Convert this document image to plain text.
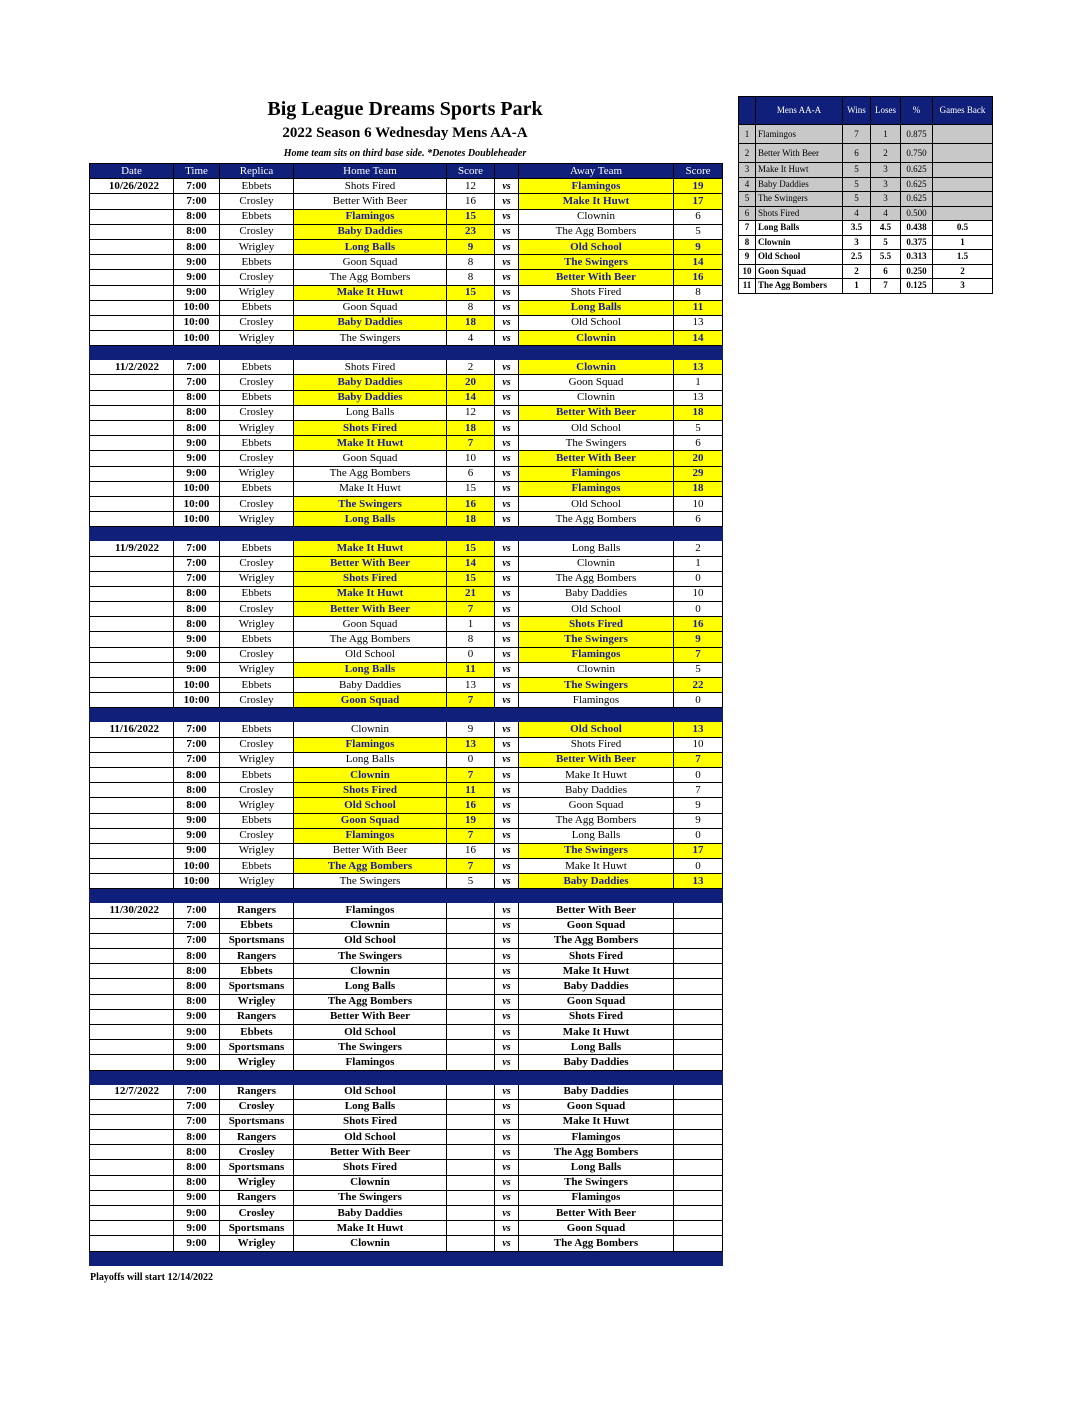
Big League Dreams Sports Park
2022 Season 6 Wednesday Mens AA-A
Home team sits on third base side. *Denotes Doubleheader
Date	Time	Replica	Home Team	Score		Away Team	Score
10/26/2022	7:00	Ebbets	Shots Fired	12	vs	Flamingos	19
	7:00	Crosley	Better With Beer	16	vs	Make It Huwt	17
	8:00	Ebbets	Flamingos	15	vs	Clownin	6
	8:00	Crosley	Baby Daddies	23	vs	The Agg Bombers	5
	8:00	Wrigley	Long Balls	9	vs	Old School	9
	9:00	Ebbets	Goon Squad	8	vs	The Swingers	14
	9:00	Crosley	The Agg Bombers	8	vs	Better With Beer	16
	9:00	Wrigley	Make It Huwt	15	vs	Shots Fired	8
	10:00	Ebbets	Goon Squad	8	vs	Long Balls	11
	10:00	Crosley	Baby Daddies	18	vs	Old School	13
	10:00	Wrigley	The Swingers	4	vs	Clownin	14

11/2/2022	7:00	Ebbets	Shots Fired	2	vs	Clownin	13
	7:00	Crosley	Baby Daddies	20	vs	Goon Squad	1
	8:00	Ebbets	Baby Daddies	14	vs	Clownin	13
	8:00	Crosley	Long Balls	12	vs	Better With Beer	18
	8:00	Wrigley	Shots Fired	18	vs	Old School	5
	9:00	Ebbets	Make It Huwt	7	vs	The Swingers	6
	9:00	Crosley	Goon Squad	10	vs	Better With Beer	20
	9:00	Wrigley	The Agg Bombers	6	vs	Flamingos	29
	10:00	Ebbets	Make It Huwt	15	vs	Flamingos	18
	10:00	Crosley	The Swingers	16	vs	Old School	10
	10:00	Wrigley	Long Balls	18	vs	The Agg Bombers	6

11/9/2022	7:00	Ebbets	Make It Huwt	15	vs	Long Balls	2
	7:00	Crosley	Better With Beer	14	vs	Clownin	1
	7:00	Wrigley	Shots Fired	15	vs	The Agg Bombers	0
	8:00	Ebbets	Make It Huwt	21	vs	Baby Daddies	10
	8:00	Crosley	Better With Beer	7	vs	Old School	0
	8:00	Wrigley	Goon Squad	1	vs	Shots Fired	16
	9:00	Ebbets	The Agg Bombers	8	vs	The Swingers	9
	9:00	Crosley	Old School	0	vs	Flamingos	7
	9:00	Wrigley	Long Balls	11	vs	Clownin	5
	10:00	Ebbets	Baby Daddies	13	vs	The Swingers	22
	10:00	Crosley	Goon Squad	7	vs	Flamingos	0

11/16/2022	7:00	Ebbets	Clownin	9	vs	Old School	13
	7:00	Crosley	Flamingos	13	vs	Shots Fired	10
	7:00	Wrigley	Long Balls	0	vs	Better With Beer	7
	8:00	Ebbets	Clownin	7	vs	Make It Huwt	0
	8:00	Crosley	Shots Fired	11	vs	Baby Daddies	7
	8:00	Wrigley	Old School	16	vs	Goon Squad	9
	9:00	Ebbets	Goon Squad	19	vs	The Agg Bombers	9
	9:00	Crosley	Flamingos	7	vs	Long Balls	0
	9:00	Wrigley	Better With Beer	16	vs	The Swingers	17
	10:00	Ebbets	The Agg Bombers	7	vs	Make It Huwt	0
	10:00	Wrigley	The Swingers	5	vs	Baby Daddies	13

11/30/2022	7:00	Rangers	Flamingos		vs	Better With Beer	
	7:00	Ebbets	Clownin		vs	Goon Squad	
	7:00	Sportsmans	Old School		vs	The Agg Bombers	
	8:00	Rangers	The Swingers		vs	Shots Fired	
	8:00	Ebbets	Clownin		vs	Make It Huwt	
	8:00	Sportsmans	Long Balls		vs	Baby Daddies	
	8:00	Wrigley	The Agg Bombers		vs	Goon Squad	
	9:00	Rangers	Better With Beer		vs	Shots Fired	
	9:00	Ebbets	Old School		vs	Make It Huwt	
	9:00	Sportsmans	The Swingers		vs	Long Balls	
	9:00	Wrigley	Flamingos		vs	Baby Daddies	

12/7/2022	7:00	Rangers	Old School		vs	Baby Daddies	
	7:00	Crosley	Long Balls		vs	Goon Squad	
	7:00	Sportsmans	Shots Fired		vs	Make It Huwt	
	8:00	Rangers	Old School		vs	Flamingos	
	8:00	Crosley	Better With Beer		vs	The Agg Bombers	
	8:00	Sportsmans	Shots Fired		vs	Long Balls	
	8:00	Wrigley	Clownin		vs	The Swingers	
	9:00	Rangers	The Swingers		vs	Flamingos	
	9:00	Crosley	Baby Daddies		vs	Better With Beer	
	9:00	Sportsmans	Make It Huwt		vs	Goon Squad	
	9:00	Wrigley	Clownin		vs	The Agg Bombers	

	Mens AA-A	Wins	Loses	%	Games Back
1	Flamingos	7	1	0.875	
2	Better With Beer	6	2	0.750	
3	Make It Huwt	5	3	0.625	
4	Baby Daddies	5	3	0.625	
5	The Swingers	5	3	0.625	
6	Shots Fired	4	4	0.500	
7	Long Balls	3.5	4.5	0.438	0.5
8	Clownin	3	5	0.375	1
9	Old School	2.5	5.5	0.313	1.5
10	Goon Squad	2	6	0.250	2
11	The Agg Bombers	1	7	0.125	3
Playoffs will start 12/14/2022
